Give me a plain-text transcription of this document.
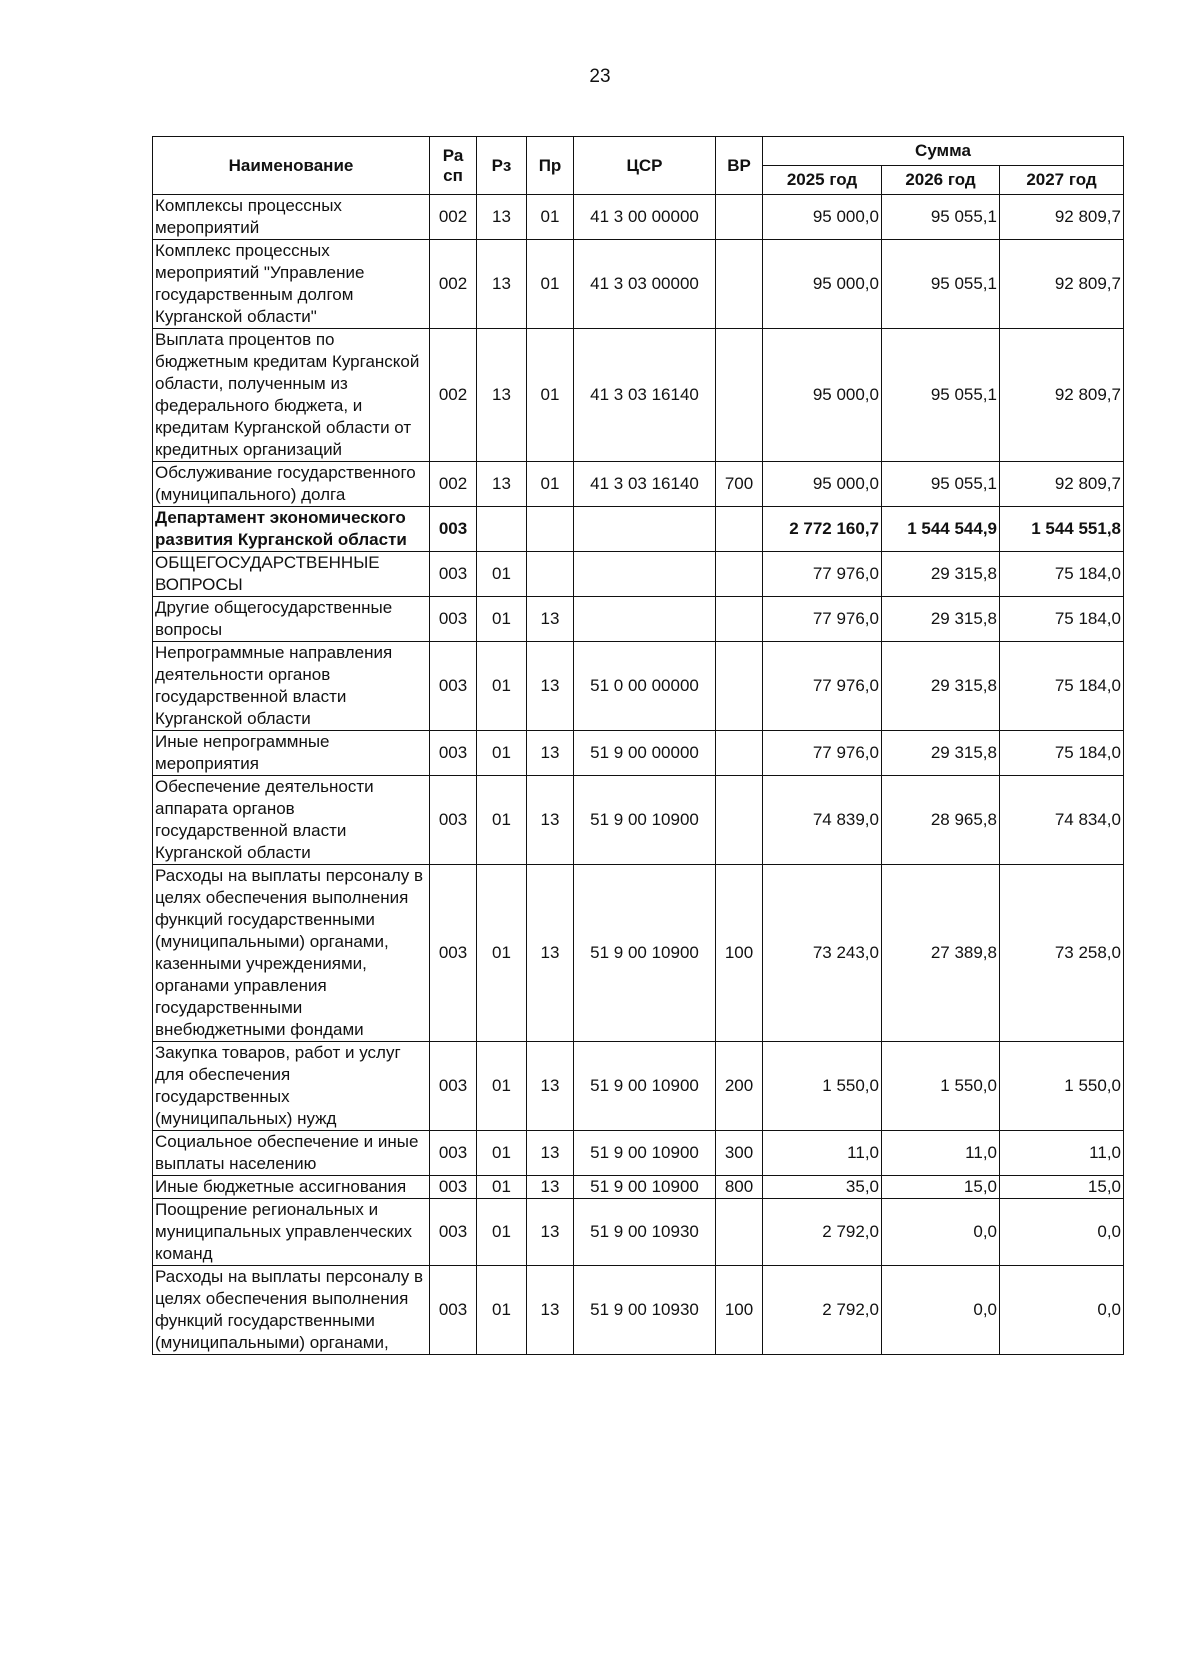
23
Наименование	Ра сп	Рз	Пр	ЦСР	ВР	Сумма		
						2025 год	2026 год	2027 год
Комплексы процессных мероприятий	002	13	01	41 3 00 00000		95 000,0	95 055,1	92 809,7
Комплекс процессных мероприятий "Управление государственным долгом Курганской области"	002	13	01	41 3 03 00000		95 000,0	95 055,1	92 809,7
Выплата процентов по бюджетным кредитам Курганской области, полученным из федерального бюджета, и кредитам Курганской области от кредитных организаций	002	13	01	41 3 03 16140		95 000,0	95 055,1	92 809,7
Обслуживание государственного (муниципального) долга	002	13	01	41 3 03 16140	700	95 000,0	95 055,1	92 809,7
Департамент экономического развития Курганской области	003					2 772 160,7	1 544 544,9	1 544 551,8
ОБЩЕГОСУДАРСТВЕННЫЕ ВОПРОСЫ	003	01				77 976,0	29 315,8	75 184,0
Другие общегосударственные вопросы	003	01	13			77 976,0	29 315,8	75 184,0
Непрограммные направления деятельности органов государственной власти Курганской области	003	01	13	51 0 00 00000		77 976,0	29 315,8	75 184,0
Иные непрограммные мероприятия	003	01	13	51 9 00 00000		77 976,0	29 315,8	75 184,0
Обеспечение деятельности аппарата органов государственной власти Курганской области	003	01	13	51 9 00 10900		74 839,0	28 965,8	74 834,0
Расходы на выплаты персоналу в целях обеспечения выполнения функций государственными (муниципальными) органами, казенными учреждениями, органами управления государственными внебюджетными фондами	003	01	13	51 9 00 10900	100	73 243,0	27 389,8	73 258,0
Закупка товаров, работ и услуг для обеспечения государственных (муниципальных) нужд	003	01	13	51 9 00 10900	200	1 550,0	1 550,0	1 550,0
Социальное обеспечение и иные выплаты населению	003	01	13	51 9 00 10900	300	11,0	11,0	11,0
Иные бюджетные ассигнования	003	01	13	51 9 00 10900	800	35,0	15,0	15,0
Поощрение региональных и муниципальных управленческих команд	003	01	13	51 9 00 10930		2 792,0	0,0	0,0
Расходы на выплаты персоналу в целях обеспечения выполнения функций государственными (муниципальными) органами,	003	01	13	51 9 00 10930	100	2 792,0	0,0	0,0
